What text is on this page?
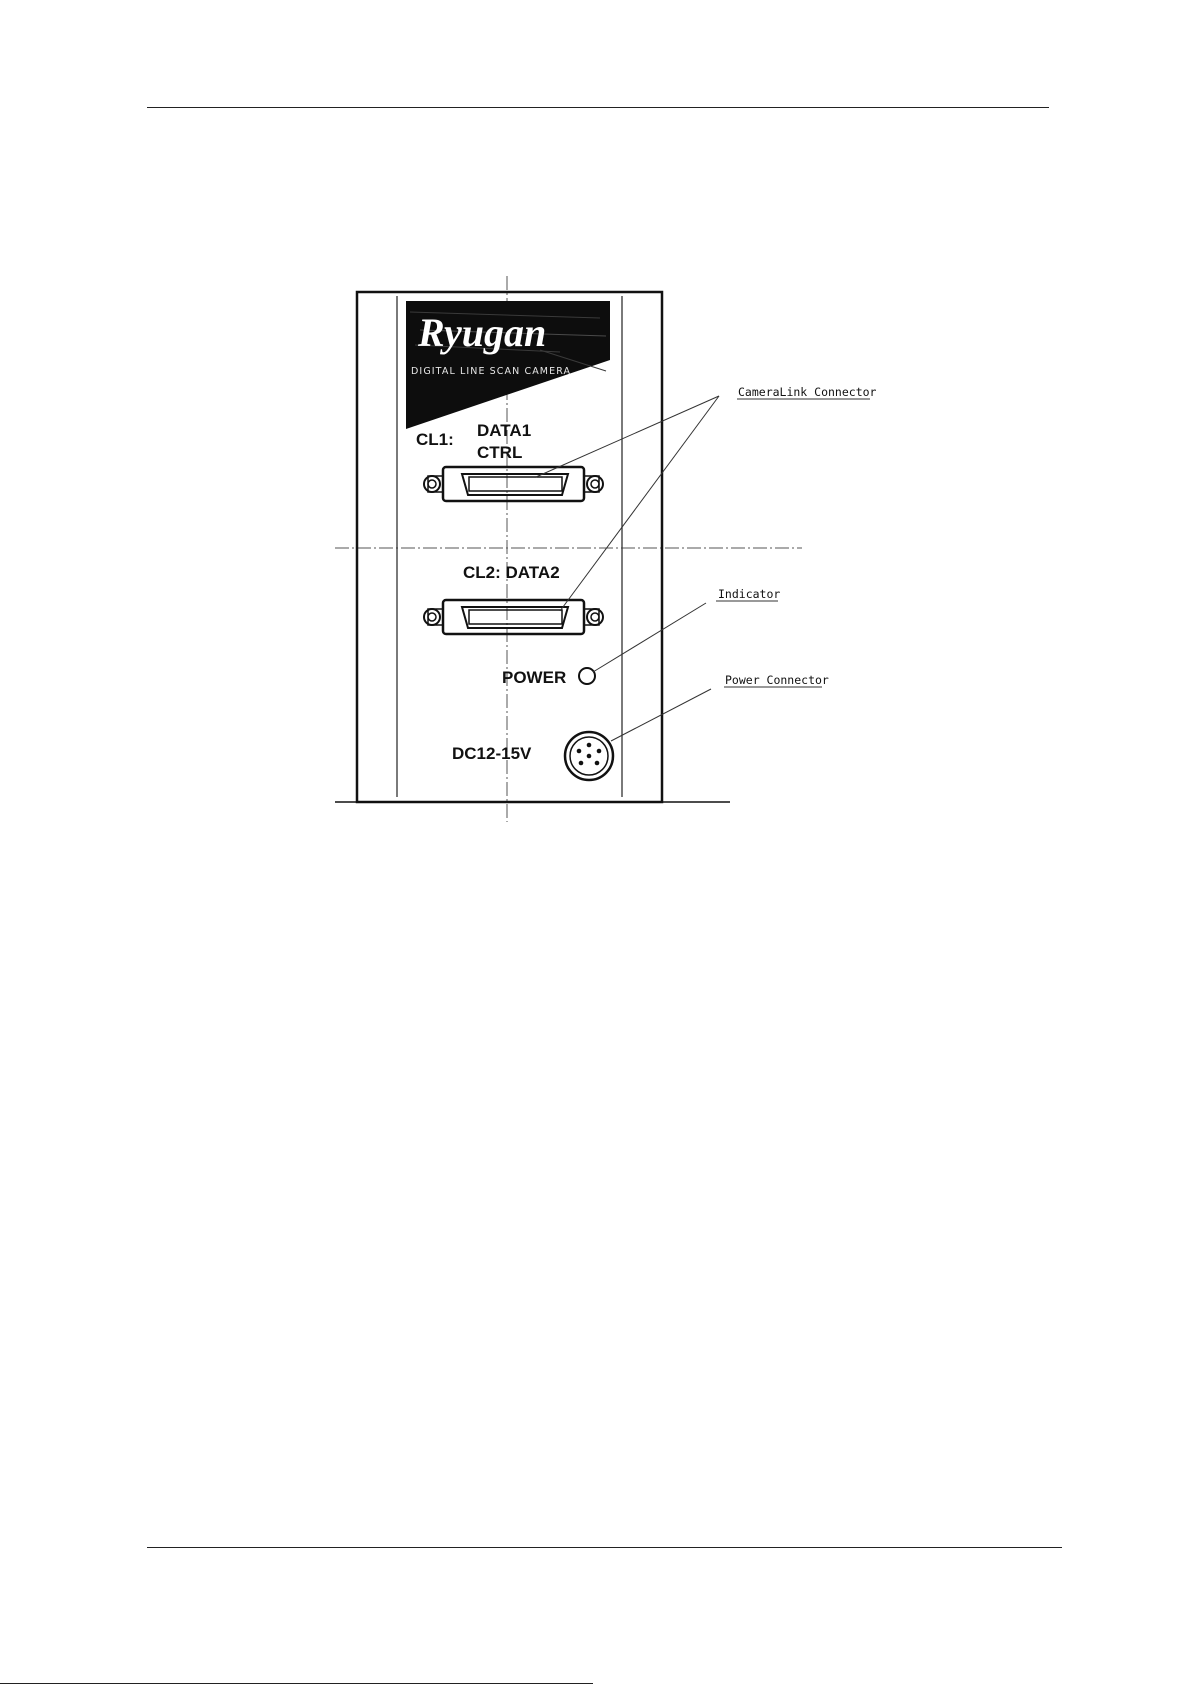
Ryugan
DIGITAL LINE SCAN CAMERA
CL1: DATA1
CTRL
CL2: DATA2
POWER
DC12-15V
CameraLink Connector
Indicator
Power Connector
